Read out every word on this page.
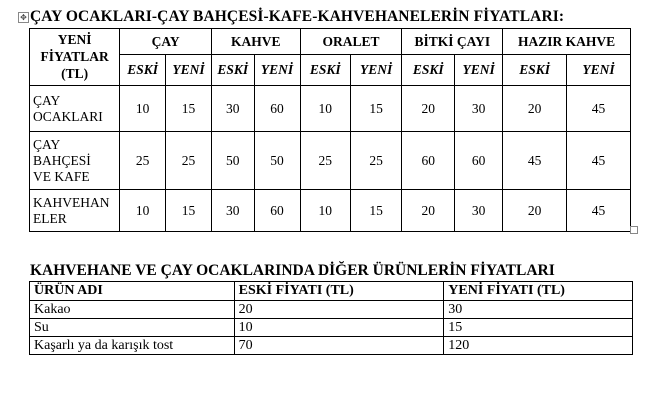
✥ ÇAY OCAKLARI-ÇAY BAHÇESİ-KAFE-KAHVEHANELERİN FİYATLARI:
YENİ
FİYATLAR
(TL)	ÇAY		KAHVE		ORALET		BİTKİ ÇAYI		HAZIR KAHVE	
	ESKİ	YENİ	ESKİ	YENİ	ESKİ	YENİ	ESKİ	YENİ	ESKİ	YENİ
ÇAY
OCAKLARI	10	15	30	60	10	15	20	30	20	45
ÇAY
BAHÇESİ
VE KAFE	25	25	50	50	25	25	60	60	45	45
KAHVEHAN
ELER	10	15	30	60	10	15	20	30	20	45
KAHVEHANE VE ÇAY OCAKLARINDA DİĞER ÜRÜNLERİN FİYATLARI
ÜRÜN ADI	ESKİ FİYATI (TL)	YENİ FİYATI (TL)
Kakao	20	30
Su	10	15
Kaşarlı ya da karışık tost	70	120
